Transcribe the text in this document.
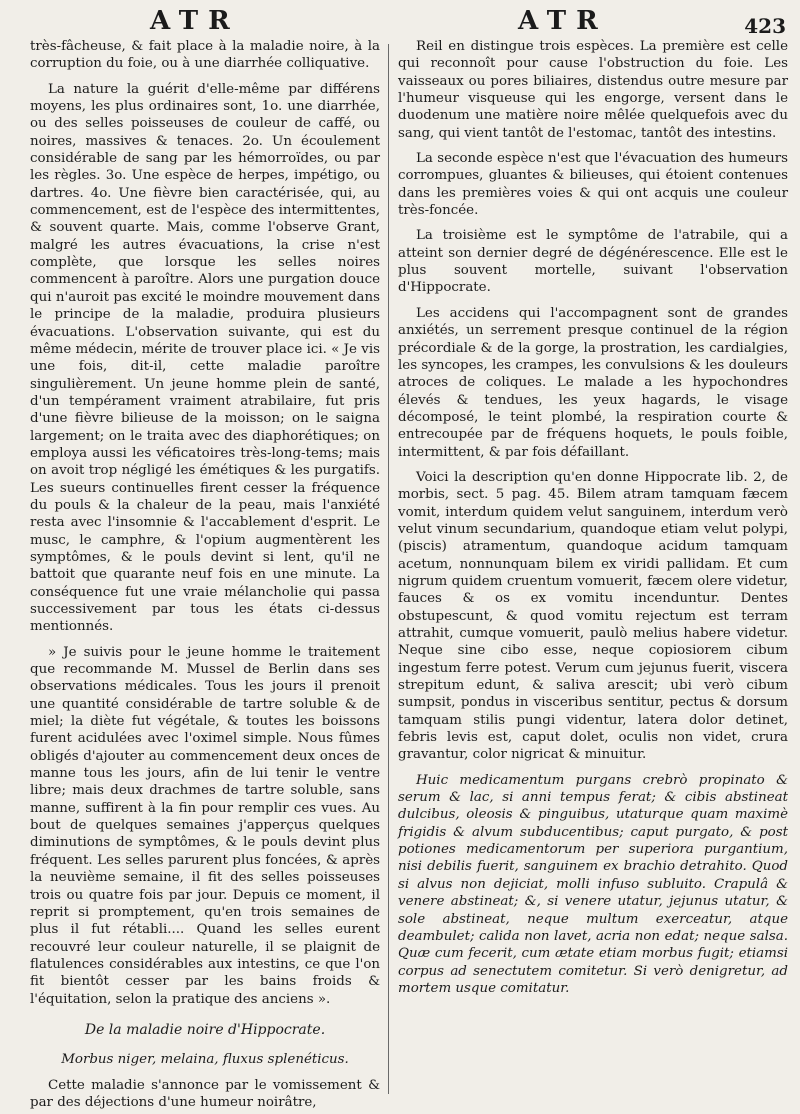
ATR	ATR	423

très-fâcheuse, & fait place à la maladie noire, à la corruption du foie, ou à une diarrhée colliquative.

La nature la guérit d'elle-même par différens moyens, les plus ordinaires sont, 1o. une diarrhée, ou des selles poisseuses de couleur de caffé, ou noires, massives & tenaces. 2o. Un écoulement considérable de sang par les hémorroïdes, ou par les règles. 3o. Une espèce de herpes, impétigo, ou dartres. 4o. Une fièvre bien caractérisée, qui, au commencement, est de l'espèce des intermittentes, & souvent quarte. Mais, comme l'observe Grant, malgré les autres évacuations, la crise n'est complète, que lorsque les selles noires commencent à paroître. Alors une purgation douce qui n'auroit pas excité le moindre mouvement dans le principe de la maladie, produira plusieurs évacuations. L'observation suivante, qui est du même médecin, mérite de trouver place ici. « Je vis une fois, dit-il, cette maladie paroître singulièrement. Un jeune homme plein de santé, d'un tempérament vraiment atrabilaire, fut pris d'une fièvre bilieuse de la moisson; on le saigna largement; on le traita avec des diaphorétiques; on employa aussi les véficatoires très-long-tems; mais on avoit trop négligé les émétiques & les purgatifs. Les sueurs continuelles firent cesser la fréquence du pouls & la chaleur de la peau, mais l'anxiété resta avec l'insomnie & l'accablement d'esprit. Le musc, le camphre, & l'opium augmentèrent les symptômes, & le pouls devint si lent, qu'il ne battoit que quarante neuf fois en une minute. La conséquence fut une vraie mélancholie qui passa successivement par tous les états ci-dessus mentionnés.

» Je suivis pour le jeune homme le traitement que recommande M. Mussel de Berlin dans ses observations médicales. Tous les jours il prenoit une quantité considérable de tartre soluble & de miel; la diète fut végétale, & toutes les boissons furent acidulées avec l'oximel simple. Nous fûmes obligés d'ajouter au commencement deux onces de manne tous les jours, afin de lui tenir le ventre libre; mais deux drachmes de tartre soluble, sans manne, suffirent à la fin pour remplir ces vues. Au bout de quelques semaines j'apperçus quelques diminutions de symptômes, & le pouls devint plus fréquent. Les selles parurent plus foncées, & après la neuvième semaine, il fit des selles poisseuses trois ou quatre fois par jour. Depuis ce moment, il reprit si promptement, qu'en trois semaines de plus il fut rétabli.... Quand les selles eurent recouvré leur couleur naturelle, il se plaignit de flatulences considérables aux intestins, ce que l'on fit bientôt cesser par les bains froids & l'équitation, selon la pratique des anciens ».

De la maladie noire d'Hippocrate.

Morbus niger, melaina, fluxus splenéticus.

Cette maladie s'annonce par le vomissement & par des déjections d'une humeur noirâtre,

Reil en distingue trois espèces. La première est celle qui reconnoît pour cause l'obstruction du foie. Les vaisseaux ou pores biliaires, distendus outre mesure par l'humeur visqueuse qui les engorge, versent dans le duodenum une matière noire mêlée quelquefois avec du sang, qui vient tantôt de l'estomac, tantôt des intestins.

La seconde espèce n'est que l'évacuation des humeurs corrompues, gluantes & bilieuses, qui étoient contenues dans les premières voies & qui ont acquis une couleur très-foncée.

La troisième est le symptôme de l'atrabile, qui a atteint son dernier degré de dégénérescence. Elle est le plus souvent mortelle, suivant l'observation d'Hippocrate.

Les accidens qui l'accompagnent sont de grandes anxiétés, un serrement presque continuel de la région précordiale & de la gorge, la prostration, les cardialgies, les syncopes, les crampes, les convulsions & les douleurs atroces de coliques. Le malade a les hypochondres élevés & tendues, les yeux hagards, le visage décomposé, le teint plombé, la respiration courte & entrecoupée par de fréquens hoquets, le pouls foible, intermittent, & par fois défaillant.

Voici la description qu'en donne Hippocrate lib. 2, de morbis, sect. 5 pag. 45. Bilem atram tamquam fæcem vomit, interdum quidem velut sanguinem, interdum verò velut vinum secundarium, quandoque etiam velut polypi, (piscis) atramentum, quandoque acidum tamquam acetum, nonnunquam bilem ex viridi pallidam. Et cum nigrum quidem cruentum vomuerit, fæcem olere videtur, fauces & os ex vomitu incenduntur. Dentes obstupescunt, & quod vomitu rejectum est terram attrahit, cumque vomuerit, paulò melius habere videtur. Neque sine cibo esse, neque copiosiorem cibum ingestum ferre potest. Verum cum jejunus fuerit, viscera strepitum edunt, & saliva arescit; ubi verò cibum sumpsit, pondus in visceribus sentitur, pectus & dorsum tamquam stilis pungi videntur, latera dolor detinet, febris levis est, caput dolet, oculis non videt, crura gravantur, color nigricat & minuitur.

Huic medicamentum purgans crebrò propinato & serum & lac, si anni tempus ferat; & cibis abstineat dulcibus, oleosis & pinguibus, utaturque quam maximè frigidis & alvum subducentibus; caput purgato, & post potiones medicamentorum per superiora purgantium, nisi debilis fuerit, sanguinem ex brachio detrahito. Quod si alvus non dejiciat, molli infuso subluito. Crapulâ & venere abstineat; &, si venere utatur, jejunus utatur, & sole abstineat, neque multum exerceatur, atque deambulet; calida non lavet, acria non edat; neque salsa. Quæ cum fecerit, cum ætate etiam morbus fugit; etiamsi corpus ad senectutem comitetur. Si verò denigretur, ad mortem usque comitatur.
